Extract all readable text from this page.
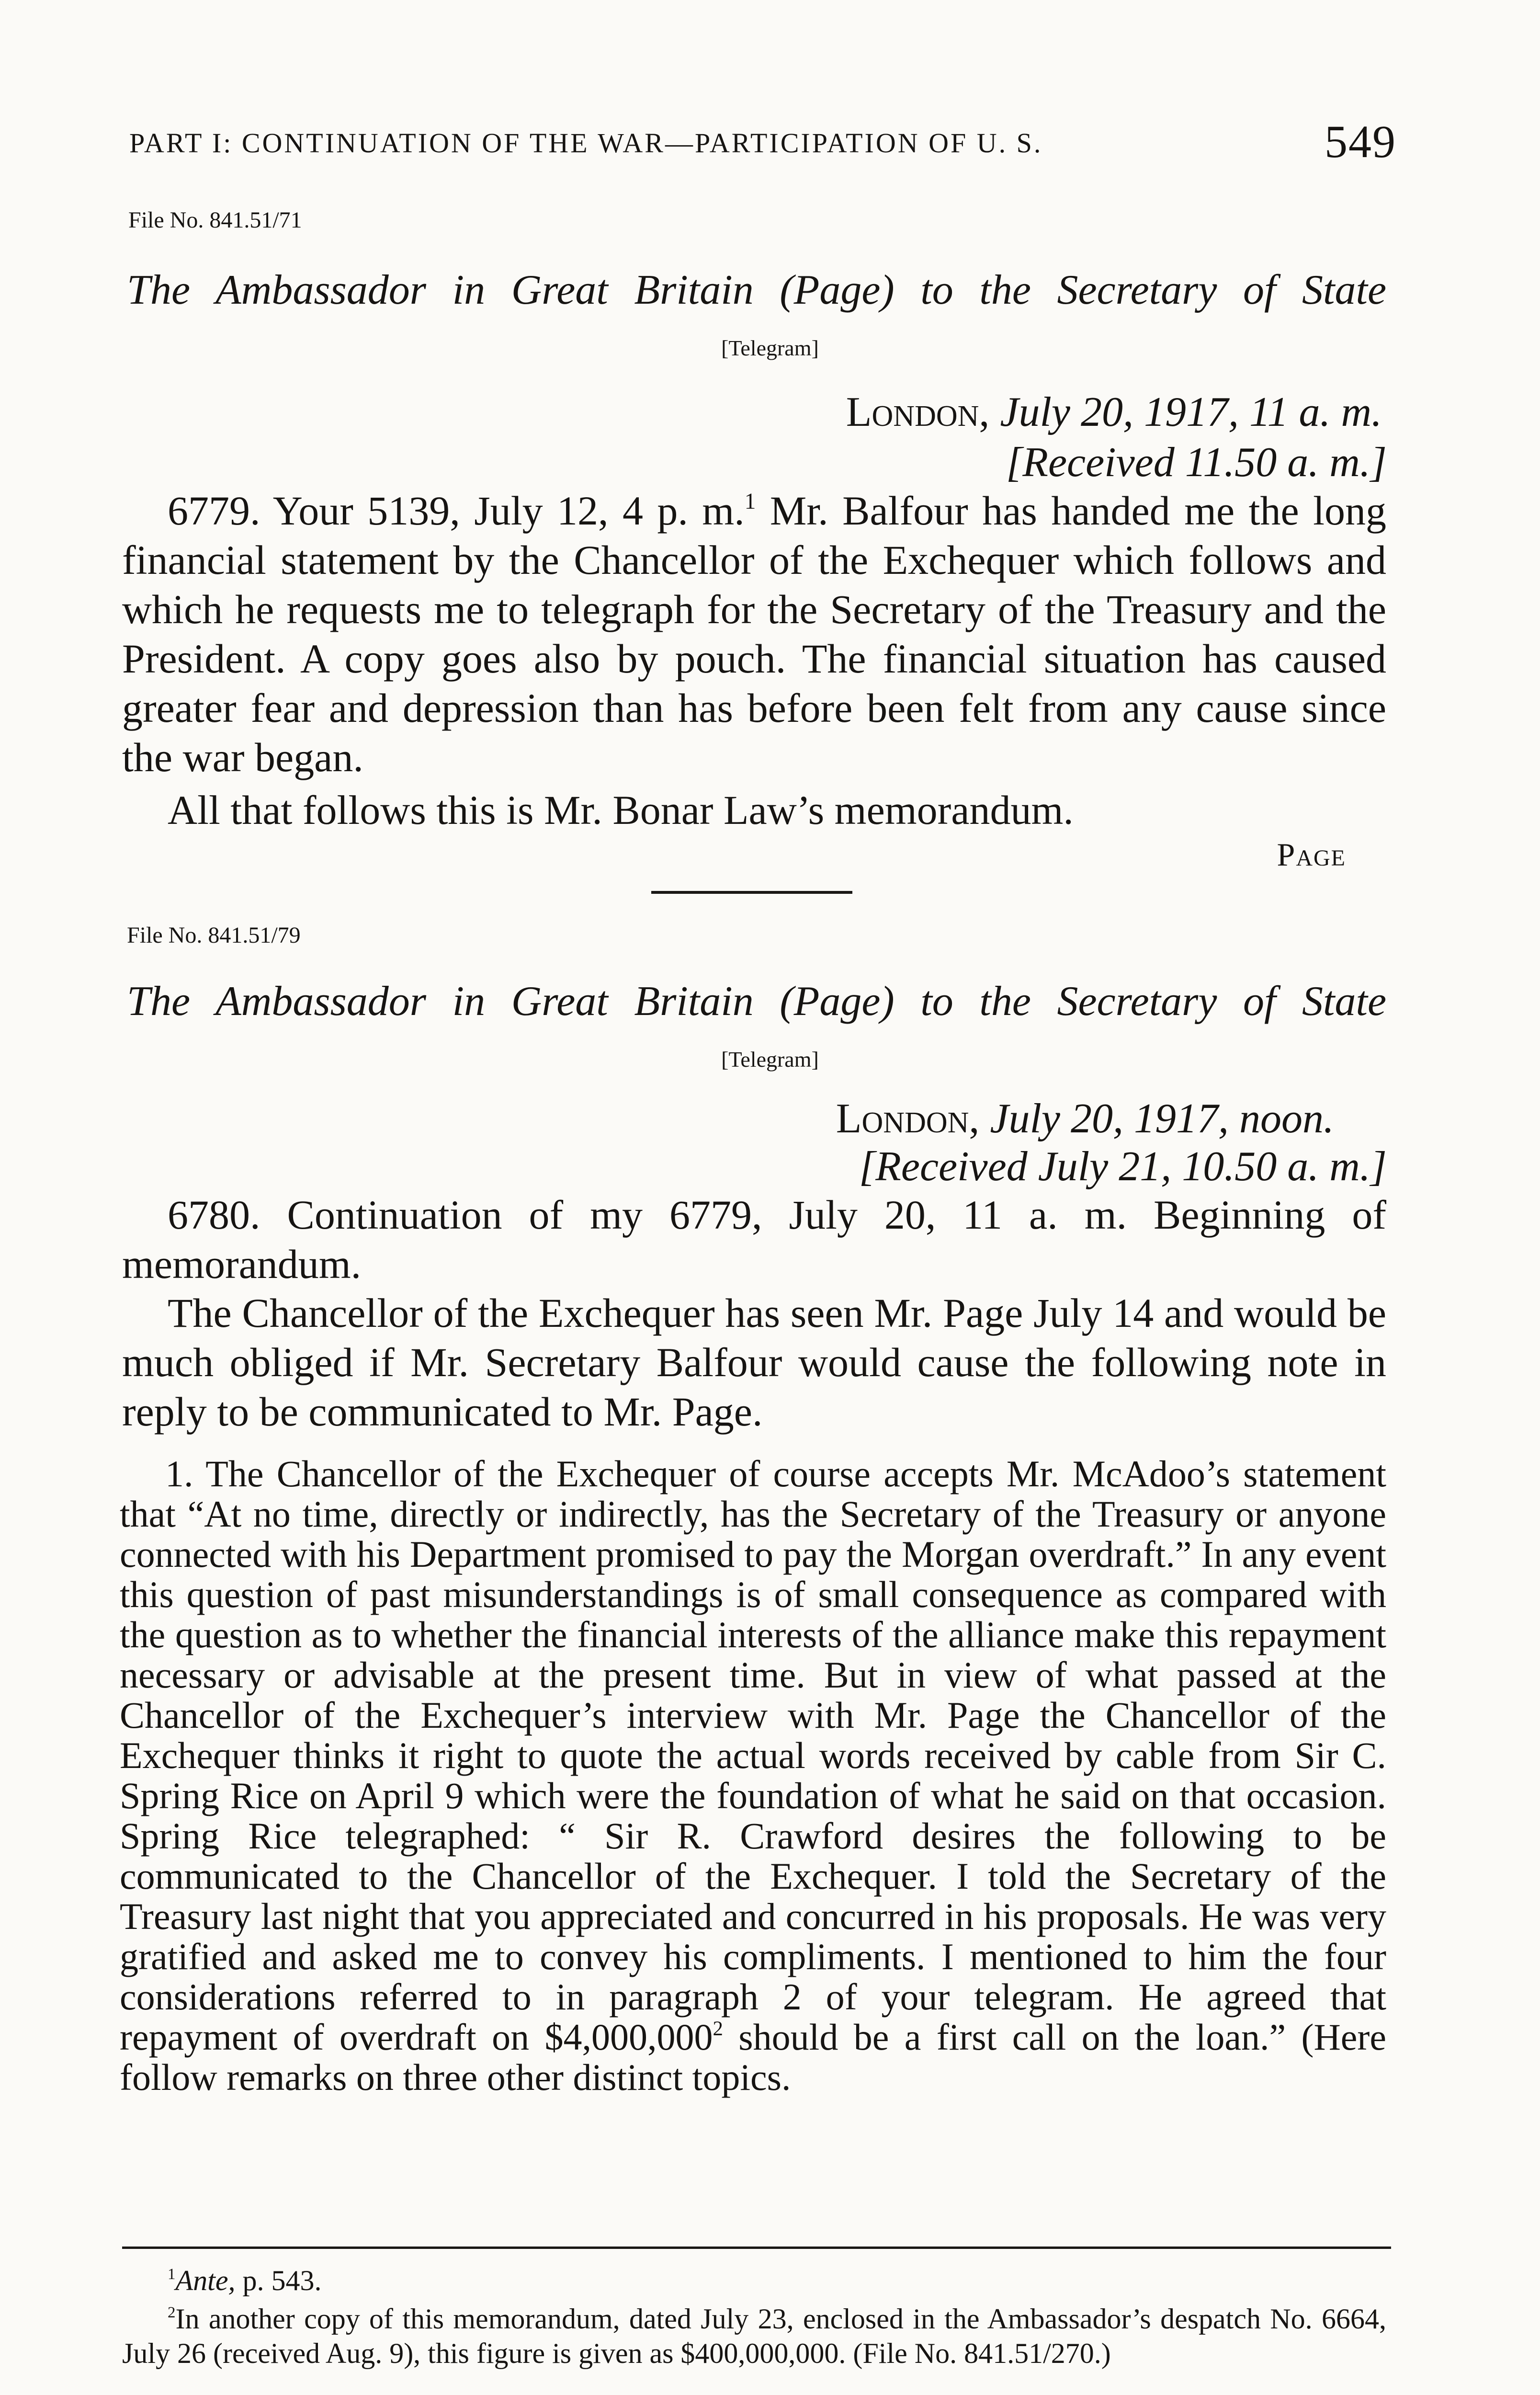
PART I: CONTINUATION OF THE WAR—PARTICIPATION OF U. S.	549
File No. 841.51/71
The Ambassador in Great Britain (Page) to the Secretary of State
[Telegram]
London, July 20, 1917, 11 a. m.
[Received 11.50 a. m.]

6779. Your 5139, July 12, 4 p. m.$^1$ Mr. Balfour has handed me the long financial statement by the Chancellor of the Exchequer which follows and which he requests me to telegraph for the Secretary of the Treasury and the President. A copy goes also by pouch. The financial situation has caused greater fear and depression than has before been felt from any cause since the war began.

All that follows this is Mr. Bonar Law’s memorandum.

Page
File No. 841.51/79
The Ambassador in Great Britain (Page) to the Secretary of State
[Telegram]
London, July 20, 1917, noon.
[Received July 21, 10.50 a. m.]

6780. Continuation of my 6779, July 20, 11 a. m. Beginning of memorandum.

The Chancellor of the Exchequer has seen Mr. Page July 14 and would be much obliged if Mr. Secretary Balfour would cause the following note in reply to be communicated to Mr. Page.

1. The Chancellor of the Exchequer of course accepts Mr. McAdoo’s statement that “At no time, directly or indirectly, has the Secretary of the Treasury or anyone connected with his Department promised to pay the Morgan overdraft.” In any event this question of past misunderstandings is of small consequence as compared with the question as to whether the financial interests of the alliance make this repayment necessary or advisable at the present time. But in view of what passed at the Chancellor of the Exchequer’s interview with Mr. Page the Chancellor of the Exchequer thinks it right to quote the actual words received by cable from Sir C. Spring Rice on April 9 which were the foundation of what he said on that occasion. Spring Rice telegraphed: “ Sir R. Crawford desires the following to be communicated to the Chancellor of the Exchequer. I told the Secretary of the Treasury last night that you appreciated and concurred in his proposals. He was very gratified and asked me to convey his compliments. I mentioned to him the four considerations referred to in paragraph 2 of your telegram. He agreed that repayment of overdraft on $4,000,000$^2$ should be a first call on the loan.” (Here follow remarks on three other distinct topics.

$^1$Ante, p. 543.

$^2$In another copy of this memorandum, dated July 23, enclosed in the Ambassador’s despatch No. 6664, July 26 (received Aug. 9), this figure is given as $400,000,000. (File No. 841.51/270.)
